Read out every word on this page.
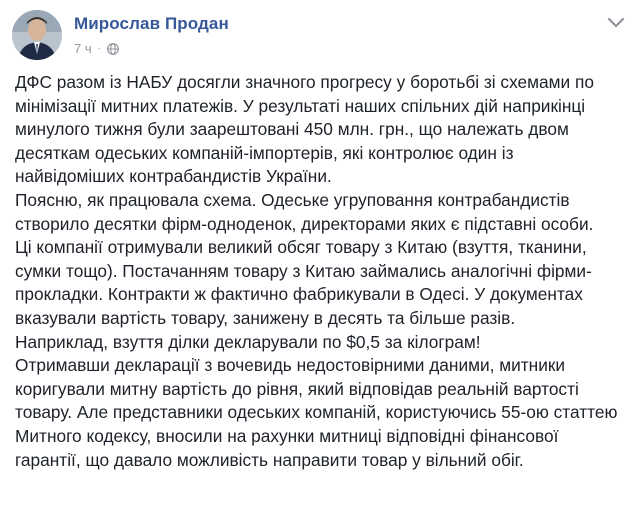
Мирослав Продан
7 ч ·

ДФС разом із НАБУ досягли значного прогресу у боротьбі зі схемами по мінімізації митних платежів. У результаті наших спільних дій наприкінці минулого тижня були заарештовані 450 млн. грн., що належать двом десяткам одеських компаній-імпортерів, які контролює один із найвідоміших контрабандистів України.

Поясню, як працювала схема. Одеське угруповання контрабандистів створило десятки фірм-одноденок, директорами яких є підставні особи.

Ці компанії отримували великий обсяг товару з Китаю (взуття, тканини, сумки тощо). Постачанням товару з Китаю займались аналогічні фірми-прокладки. Контракти ж фактично фабрикували в Одесі. У документах вказували вартість товару, занижену в десять та більше разів.

Наприклад, взуття ділки декларували по $0,5 за кілограм!

Отримавши декларації з вочевидь недостовірними даними, митники коригували митну вартість до рівня, який відповідав реальній вартості товару. Але представники одеських компаній, користуючись 55-ою статтею Митного кодексу, вносили на рахунки митниці відповідні фінансової гарантії, що давало можливість направити товар у вільний обіг.
